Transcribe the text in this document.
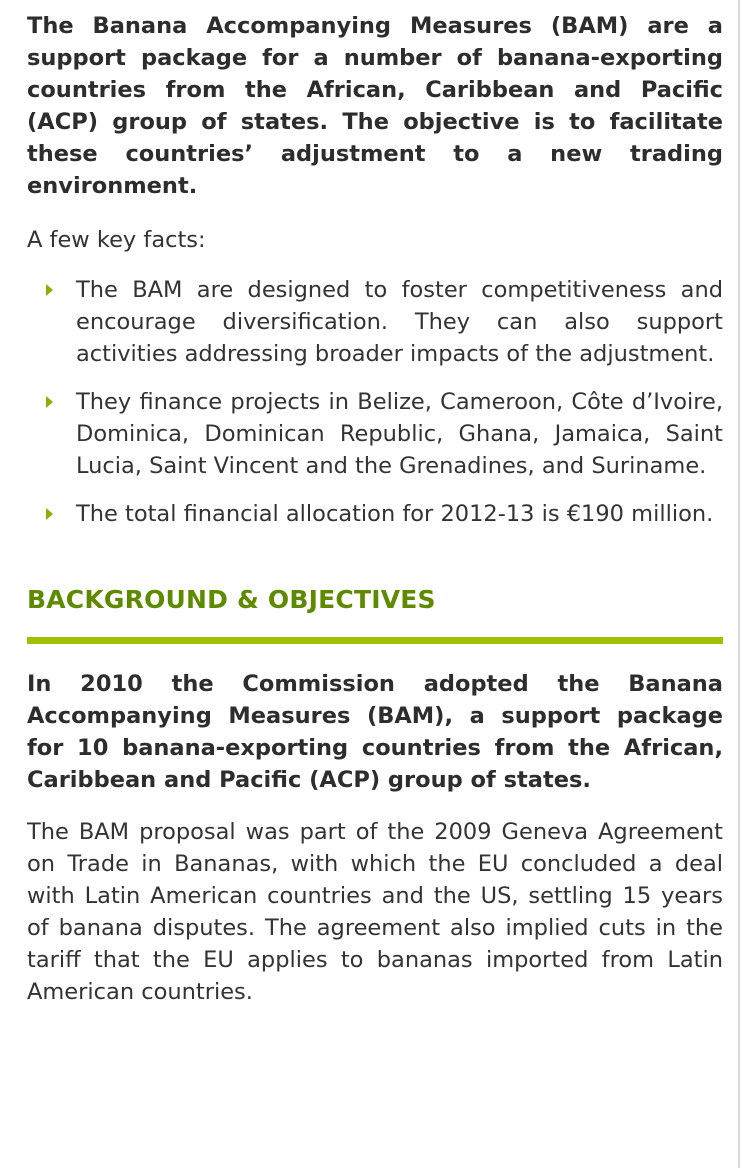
The Banana Accompanying Measures (BAM) are a support package for a number of banana-exporting countries from the African, Caribbean and Pacific (ACP) group of states. The objective is to facilitate these countries’ adjustment to a new trading environment.

A few key facts:

The BAM are designed to foster competitiveness and encourage diversification. They can also support activities addressing broader impacts of the adjustment.
They finance projects in Belize, Cameroon, Côte d’Ivoire, Dominica, Dominican Republic, Ghana, Jamaica, Saint Lucia, Saint Vincent and the Grenadines, and Suriname.
The total financial allocation for 2012-13 is €190 million.
BACKGROUND & OBJECTIVES

In 2010 the Commission adopted the Banana Accompanying Measures (BAM), a support package for 10 banana-exporting countries from the African, Caribbean and Pacific (ACP) group of states.

The BAM proposal was part of the 2009 Geneva Agreement on Trade in Bananas, with which the EU concluded a deal with Latin American countries and the US, settling 15 years of banana disputes. The agreement also implied cuts in the tariff that the EU applies to bananas imported from Latin American countries.
